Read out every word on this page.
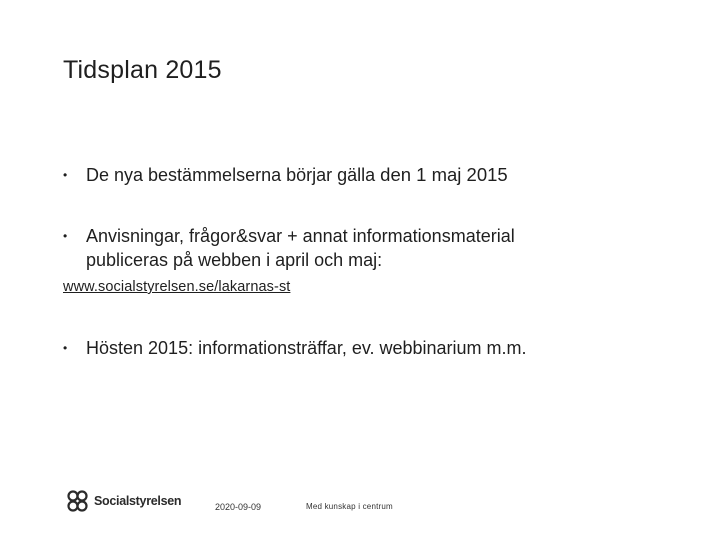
Tidsplan 2015
•	De nya bestämmelserna börjar gälla den 1 maj 2015
•	Anvisningar, frågor&svar + annat informationsmaterial
publiceras på webben i april och maj:
www.socialstyrelsen.se/lakarnas-st
•	Hösten 2015: informationsträffar, ev. webbinarium m.m.
Socialstyrelsen	2020-09-09	Med kunskap i centrum
